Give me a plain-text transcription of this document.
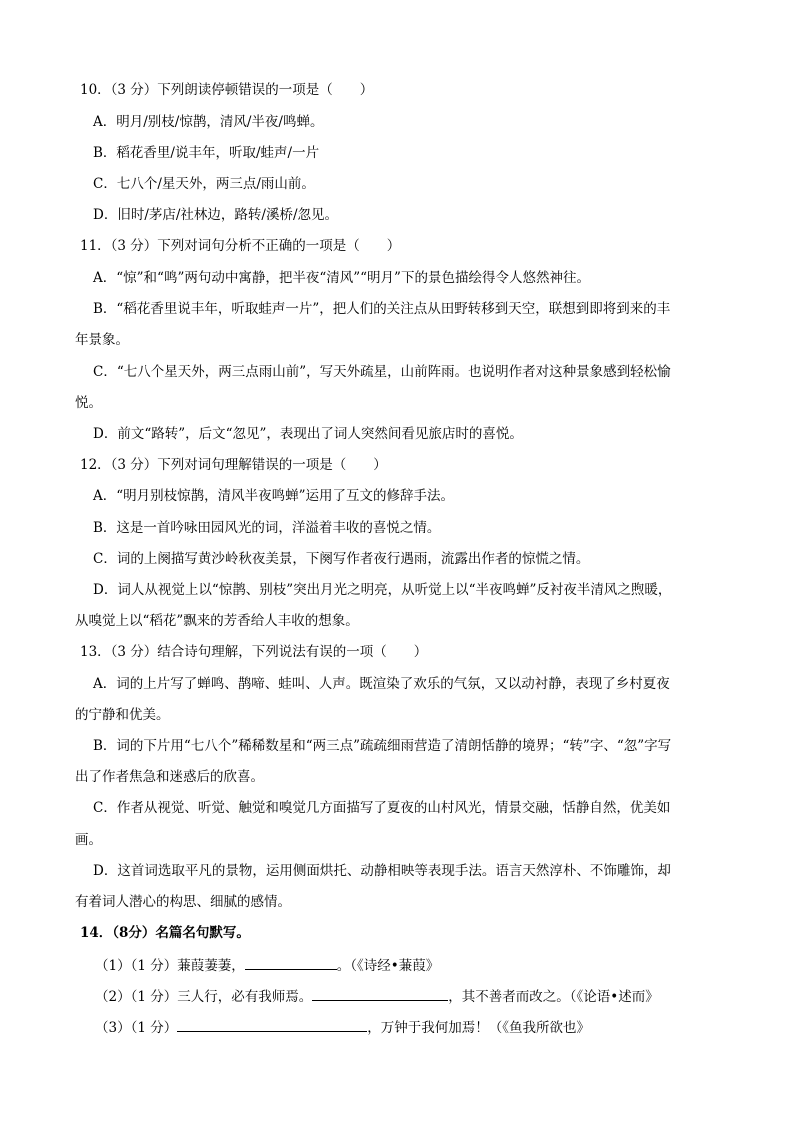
10．（3 分）下列朗读停顿错误的一项是（　　）
A．明月/别枝/惊鹊，清风/半夜/鸣蝉。
B．稻花香里/说丰年，听取/蛙声/一片
C．七八个/星天外，两三点/雨山前。
D．旧时/茅店/社林边，路转/溪桥/忽见。
11．（3 分）下列对词句分析不正确的一项是（　　）
A．“惊”和“鸣”两句动中寓静，把半夜“清风”“明月”下的景色描绘得令人悠然神往。
B．“稻花香里说丰年，听取蛙声一片”，把人们的关注点从田野转移到天空，联想到即将到来的丰
年景象。
C．“七八个星天外，两三点雨山前”，写天外疏星，山前阵雨。也说明作者对这种景象感到轻松愉
悦。
D．前文“路转”，后文“忽见”，表现出了词人突然间看见旅店时的喜悦。
12．（3 分）下列对词句理解错误的一项是（　　）
A．“明月别枝惊鹊，清风半夜鸣蝉”运用了互文的修辞手法。
B．这是一首吟咏田园风光的词，洋溢着丰收的喜悦之情。
C．词的上阕描写黄沙岭秋夜美景，下阕写作者夜行遇雨，流露出作者的惊慌之情。
D．词人从视觉上以“惊鹊、别枝”突出月光之明亮，从听觉上以“半夜鸣蝉”反衬夜半清风之煦暖，
从嗅觉上以“稻花”飘来的芳香给人丰收的想象。
13．（3 分）结合诗句理解，下列说法有误的一项（　　）
A．词的上片写了蝉鸣、鹊啼、蛙叫、人声。既渲染了欢乐的气氛，又以动衬静，表现了乡村夏夜
的宁静和优美。
B．词的下片用“七八个”稀稀数星和“两三点”疏疏细雨营造了清朗恬静的境界；“转”字、“忽”字写
出了作者焦急和迷惑后的欣喜。
C．作者从视觉、听觉、触觉和嗅觉几方面描写了夏夜的山村风光，情景交融，恬静自然，优美如
画。
D．这首词选取平凡的景物，运用侧面烘托、动静相映等表现手法。语言天然淳朴、不饰雕饰，却
有着词人潜心的构思、细腻的感情。
14．（8分）名篇名句默写。
（1）（1 分）蒹葭萋萋，	。（《诗经•蒹葭》
（2）（1 分）三人行，必有我师焉。	，其不善者而改之。（《论语•述而》
（3）（1 分）	，万钟于我何加焉！（《鱼我所欲也》
